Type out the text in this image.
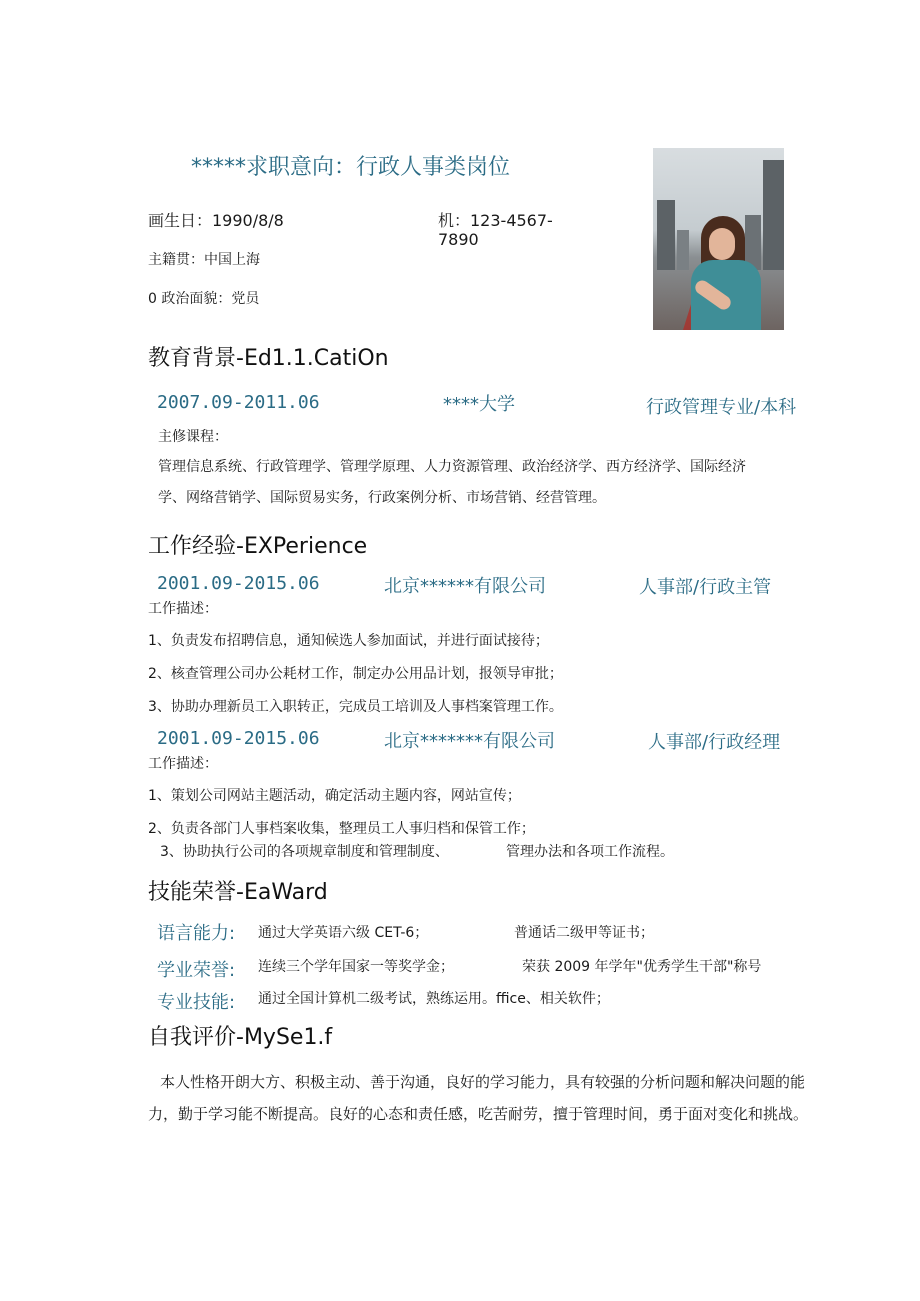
*****求职意向：行政人事类岗位
画生日：1990/8/8	机：123-4567-
7890
主籍贯：中国上海
0 政治面貌：党员
教育背景-Ed1.1.CatiOn
2007.09-2011.06	****大学	行政管理专业/本科
主修课程：
管理信息系统、行政管理学、管理学原理、人力资源管理、政治经济学、西方经济学、国际经济
学、网络营销学、国际贸易实务，行政案例分析、市场营销、经营管理。
工作经验-EXPerience
2001.09-2015.06	北京******有限公司	人事部/行政主管
工作描述：
1、负责发布招聘信息，通知候选人参加面试，并进行面试接待；
2、核查管理公司办公耗材工作，制定办公用品计划，报领导审批；
3、协助办理新员工入职转正，完成员工培训及人事档案管理工作。
2001.09-2015.06	北京*******有限公司	人事部/行政经理
工作描述：
1、策划公司网站主题活动，确定活动主题内容，网站宣传；
2、负责各部门人事档案收集，整理员工人事归档和保管工作；
3、协助执行公司的各项规章制度和管理制度、	管理办法和各项工作流程。
技能荣誉-EaWard
语言能力: 通过大学英语六级 CET-6；	普通话二级甲等证书；
学业荣誉: 连续三个学年国家一等奖学金；	荣获 2009 年学年"优秀学生干部"称号
专业技能: 通过全国计算机二级考试，熟练运用。ffice、相关软件；
自我评价-MySe1.f
本人性格开朗大方、积极主动、善于沟通，良好的学习能力，具有较强的分析问题和解决问题的能
力，勤于学习能不断提高。良好的心态和责任感，吃苦耐劳，擅于管理时间，勇于面对变化和挑战。
